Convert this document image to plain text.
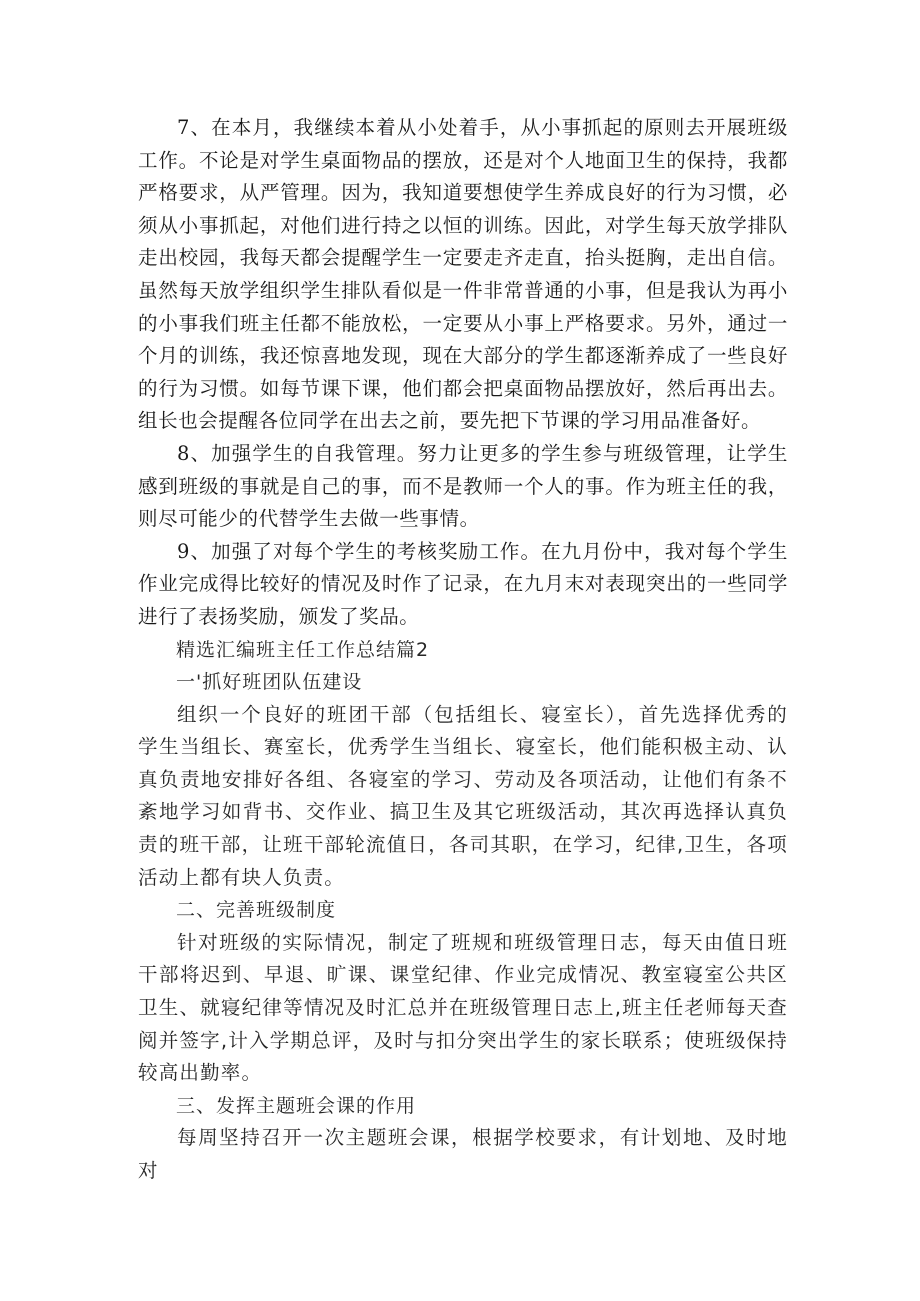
7、在本月，我继续本着从小处着手，从小事抓起的原则去开展班级工作。不论是对学生桌面物品的摆放，还是对个人地面卫生的保持，我都严格要求，从严管理。因为，我知道要想使学生养成良好的行为习惯，必须从小事抓起，对他们进行持之以恒的训练。因此，对学生每天放学排队走出校园，我每天都会提醒学生一定要走齐走直，抬头挺胸，走出自信。虽然每天放学组织学生排队看似是一件非常普通的小事，但是我认为再小的小事我们班主任都不能放松，一定要从小事上严格要求。另外，通过一个月的训练，我还惊喜地发现，现在大部分的学生都逐渐养成了一些良好的行为习惯。如每节课下课，他们都会把桌面物品摆放好，然后再出去。组长也会提醒各位同学在出去之前，要先把下节课的学习用品准备好。

8、加强学生的自我管理。努力让更多的学生参与班级管理，让学生感到班级的事就是自己的事，而不是教师一个人的事。作为班主任的我，则尽可能少的代替学生去做一些事情。

9、加强了对每个学生的考核奖励工作。在九月份中，我对每个学生作业完成得比较好的情况及时作了记录，在九月末对表现突出的一些同学进行了表扬奖励，颁发了奖品。

精选汇编班主任工作总结篇2

一'抓好班团队伍建设

组织一个良好的班团干部（包括组长、寝室长），首先选择优秀的学生当组长、赛室长，优秀学生当组长、寝室长，他们能积极主动、认真负责地安排好各组、各寝室的学习、劳动及各项活动，让他们有条不紊地学习如背书、交作业、搞卫生及其它班级活动，其次再选择认真负责的班干部，让班干部轮流值日，各司其职，在学习，纪律,卫生，各项活动上都有块人负责。

二、完善班级制度

针对班级的实际情况，制定了班规和班级管理日志，每天由值日班干部将迟到、早退、旷课、课堂纪律、作业完成情况、教室寝室公共区卫生、就寝纪律等情况及时汇总并在班级管理日志上,班主任老师每天查阅并签字,计入学期总评，及时与扣分突出学生的家长联系；使班级保持较高出勤率。

三、发挥主题班会课的作用

每周坚持召开一次主题班会课，根据学校要求，有计划地、及时地对
